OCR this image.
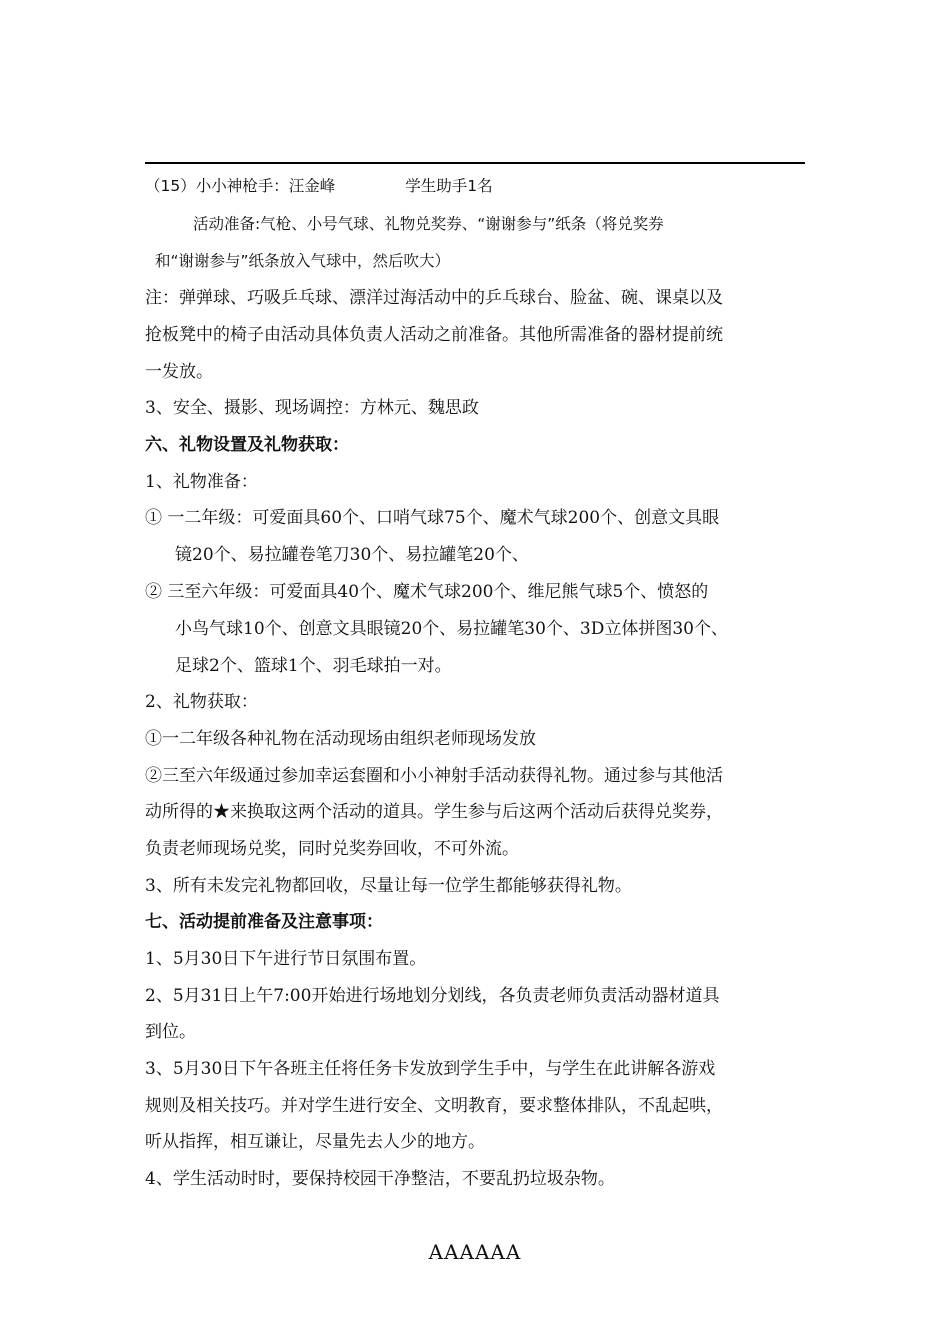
（15）小小神枪手：汪金峰	学生助手1名
活动准备:气枪、小号气球、礼物兑奖券、“谢谢参与”纸条（将兑奖券
和“谢谢参与”纸条放入气球中，然后吹大）
注：弹弹球、巧吸乒乓球、漂洋过海活动中的乒乓球台、脸盆、碗、课桌以及
抢板凳中的椅子由活动具体负责人活动之前准备。其他所需准备的器材提前统
一发放。
3、安全、摄影、现场调控：方林元、魏思政
六、礼物设置及礼物获取：
1、礼物准备：
① 一二年级：可爱面具60个、口哨气球75个、魔术气球200个、创意文具眼
镜20个、易拉罐卷笔刀30个、易拉罐笔20个、
② 三至六年级：可爱面具40个、魔术气球200个、维尼熊气球5个、愤怒的
小鸟气球10个、创意文具眼镜20个、易拉罐笔30个、3D立体拼图30个、
足球2个、篮球1个、羽毛球拍一对。
2、礼物获取：
①一二年级各种礼物在活动现场由组织老师现场发放
②三至六年级通过参加幸运套圈和小小神射手活动获得礼物。通过参与其他活
动所得的★来换取这两个活动的道具。学生参与后这两个活动后获得兑奖券，
负责老师现场兑奖，同时兑奖券回收，不可外流。
3、所有未发完礼物都回收，尽量让每一位学生都能够获得礼物。
七、活动提前准备及注意事项：
1、5月30日下午进行节日氛围布置。
2、5月31日上午7:00开始进行场地划分划线，各负责老师负责活动器材道具
到位。
3、5月30日下午各班主任将任务卡发放到学生手中，与学生在此讲解各游戏
规则及相关技巧。并对学生进行安全、文明教育，要求整体排队，不乱起哄，
听从指挥，相互谦让，尽量先去人少的地方。
4、学生活动时时，要保持校园干净整洁，不要乱扔垃圾杂物。
AAAAAA
